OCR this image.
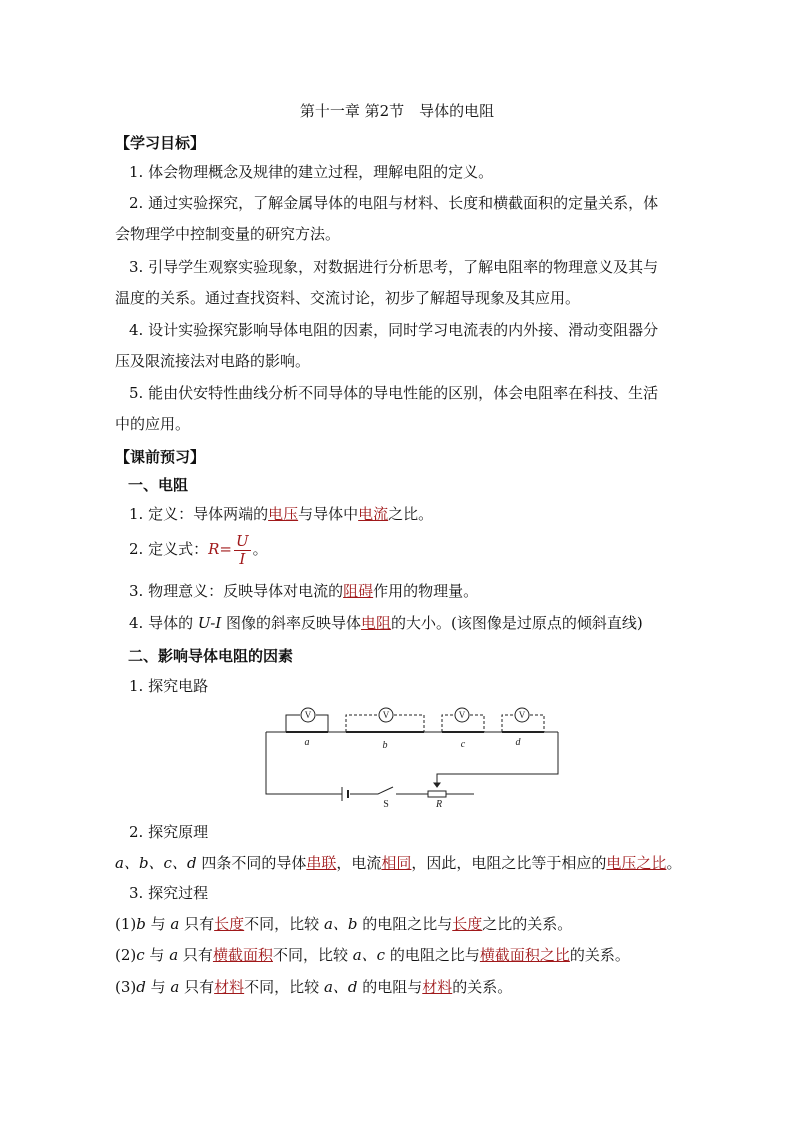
第十一章 第2节　导体的电阻
【学习目标】
1. 体会物理概念及规律的建立过程，理解电阻的定义。
2. 通过实验探究，了解金属导体的电阻与材料、长度和横截面积的定量关系，体
会物理学中控制变量的研究方法。
3. 引导学生观察实验现象，对数据进行分析思考，了解电阻率的物理意义及其与
温度的关系。通过查找资料、交流讨论，初步了解超导现象及其应用。
4. 设计实验探究影响导体电阻的因素，同时学习电流表的内外接、滑动变阻器分
压及限流接法对电路的影响。
5. 能由伏安特性曲线分析不同导体的导电性能的区别，体会电阻率在科技、生活
中的应用。
【课前预习】
一、电阻
1. 定义：导体两端的电压与导体中电流之比。
2. 定义式：$R= \frac{U}{I}$ 。
3. 物理意义：反映导体对电流的阻碍作用的物理量。
4. 导体的 U-I 图像的斜率反映导体电阻的大小。(该图像是过原点的倾斜直线)
二、影响导体电阻的因素
1. 探究电路
V	V	V	V
a	b	c	d
S	R
2. 探究原理
a、b、c、d 四条不同的导体串联，电流相同，因此，电阻之比等于相应的电压之比。
3. 探究过程
(1)b 与 a 只有长度不同，比较 a、b 的电阻之比与长度之比的关系。
(2)c 与 a 只有横截面积不同，比较 a、c 的电阻之比与横截面积之比的关系。
(3)d 与 a 只有材料不同，比较 a、d 的电阻与材料的关系。
